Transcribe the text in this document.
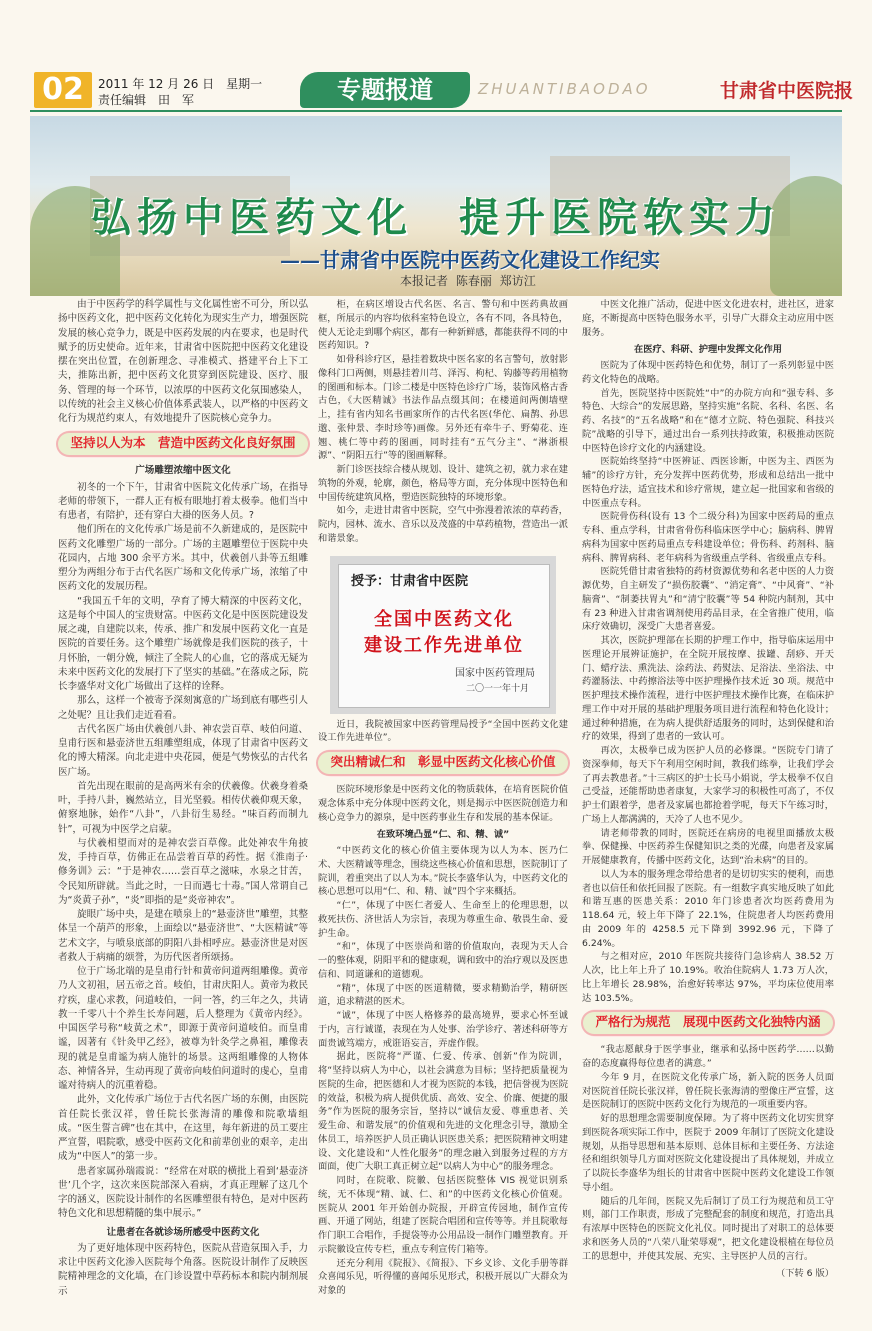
02	2011 年 12 月 26 日　星期一
责任编辑　田　军	专题报道	ZHUANTIBAODAO	甘肃省中医院报
弘扬中医药文化　提升医院软实力
——甘肃省中医院中医药文化建设工作纪实
本报记者 陈春丽 郑访江

由于中医药学的科学属性与文化属性密不可分，所以弘扬中医药文化，把中医药文化转化为现实生产力，增强医院发展的核心竞争力，既是中医药发展的内在要求，也是时代赋予的历史使命。近年来，甘肃省中医院把中医药文化建设摆在突出位置，在创新理念、寻准模式、搭建平台上下工夫，推陈出新，把中医药文化贯穿到医院建设、医疗、服务、管理的每一个环节，以浓厚的中医药文化氛围感染人，以传统的社会主义核心价值体系武装人，以严格的中医药文化行为规范约束人，有效地提升了医院核心竞争力。

坚持以人为本　营造中医药文化良好氛围
广场雕塑浓缩中医文化

初冬的一个下午，甘肃省中医院文化传承广场，在指导老师的带领下，一群人正有板有眼地打着太极拳。他们当中有患者，有陪护，还有穿白大褂的医务人员。?

他们所在的文化传承广场是前不久新建成的，是医院中医药文化雕塑广场的一部分。广场的主题雕塑位于医院中央花园内，占地 300 余平方米。其中，伏羲创八卦等五组雕塑分为两组分布于古代名医广场和文化传承广场，浓缩了中医药文化的发展历程。

“我国五千年的文明，孕育了博大精深的中医药文化，这是每个中国人的宝贵财富。中医药文化是中医医院建设发展之魂，自建院以来，传承、推广和发展中医药文化一直是医院的首要任务。这个雕塑广场就像是我们医院的孩子，十月怀胎，一朝分娩，倾注了全院人的心血，它的落成无疑为未来中医药文化的发展打下了坚实的基础。”在落成之际，院长李盛华对文化广场做出了这样的诠释。

那么，这样一个被寄予深刻寓意的广场到底有哪些引人之处呢？且让我们走近看看。

古代名医广场由伏羲创八卦、神农尝百草、岐伯问道、皇甫行医和悬壶济世五组雕塑组成，体现了甘肃省中医药文化的博大精深。向北走进中央花园，便是气势恢弘的古代名医广场。

首先出现在眼前的是高两米有余的伏羲像。伏羲身着桑叶，手持八卦，巍然站立，目光坚毅。相传伏羲仰观天象，俯察地脉，始作“八卦”，八卦衍生易经。“味百药而制九针”，可视为中医学之启蒙。

与伏羲相望而对的是神农尝百草像。此处神农牛角披发，手持百草，仿佛正在品尝着百草的药性。据《淮南子·修务训》云：“于是神农……尝百草之滋味，水泉之甘苦，令民知所辟就。当此之时，一日而遇七十毒。”国人常谓自己为“炎黄子孙”，“炎”即指的是“炎帝神农”。

旋眼广场中央，是建在喷泉上的“悬壶济世”雕塑，其整体呈一个葫芦的形象，上面绘以“悬壶济世”、“大医精诚”等艺术文字，与喷泉底部的阴阳八卦相呼应。悬壶济世是对医者救人于病痛的颂誉，为历代医者所颂扬。

位于广场北端的是皇甫行针和黄帝问道两组雕像。黄帝乃人文初祖，居五帝之首。岐伯，甘肃庆阳人。黄帝为救民疗疾，虚心求教，问道岐伯，一问一答，约三年之久，共请教一千零八十个养生长寿问题，后人整理为《黄帝内经》。中国医学号称“岐黄之术”，即源于黄帝问道岐伯。而皇甫谧，因著有《针灸甲乙经》，被尊为针灸学之鼻祖，雕像表现的就是皇甫谧为病人施针的场景。这两组雕像的人物体态、神情各异，生动再现了黄帝向岐伯问道时的虔心，皇甫谧对待病人的沉重着稳。

此外，文化传承广场位于古代名医广场的东侧，由医院首任院长张汉祥，曾任院长张海清的雕像和院歌墙组成。“医生誓言碑”也在其中，在这里，每年新进的员工要庄严宣誓，唱院歌，感受中医药文化和前辈创业的艰辛，走出成为“中医人”的第一步。

患者家属孙瑞霞说：“经常在对联的横批上看到‘悬壶济世’几个字，这次来医院部深入看病，才真正理解了这几个字的涵义，医院设计制作的名医雕塑很有特色，是对中医药特色文化和思想精髓的集中展示。”

让患者在各就诊场所感受中医药文化

为了更好地体现中医药特色，医院从营造氛围入手，力求让中医药文化渗入医院每个角落。医院设计制作了反映医院精神理念的文化墙，在门诊设置中草药标本和院内制剂展示

柜，在病区增设古代名医、名言、警句和中医药典故画框，所展示的内容均依科室特色设立，各有不同，各具特色，使人无论走到哪个病区，都有一种新鲜感，都能获得不同的中医药知识。?

如骨科诊疗区，悬挂着数块中医名家的名言警句，放射影像科门口两侧，则悬挂着川芎、泽泻、枸杞、钩藤等药用植物的图画和标本。门诊二楼是中医特色诊疗广场，装饰风格古香古色，《大医精诚》书法作品点缀其间；在楼道间两侧墙壁上，挂有省内知名书画家所作的古代名医(华佗、扁鹊、孙思邈、张仲景、李时珍等)画像。另外还有牵牛子、野菊花、连翘、桃仁等中药的图画，同时挂有“五气分主”、“淋浙根源”、“阴阳五行”等的图画解释。

新门诊医技综合楼从规划、设计、建筑之初，就力求在建筑物的外观，轮廓，颜色，格局等方面，充分体现中医特色和中国传统建筑风格，塑造医院独特的环境形象。

如今，走进甘肃省中医院，空气中弥漫着浓浓的草药香，院内，园林、流水、音乐以及茂盛的中草药植物，营造出一派和谐景象。

授予：甘肃省中医院
全国中医药文化
建设工作先进单位
国家中医药管理局
二〇一一年十月
近日，我院被国家中医药管理局授予“全国中医药文化建设工作先进单位”。
突出精诚仁和　彰显中医药文化核心价值

医院环境形象是中医药文化的物质载体，在培育医院价值观念体系中充分体现中医药文化，则是揭示中医医院创造力和核心竞争力的源泉，是中医药事业生存和发展的基本保证。

在致环境凸显“仁、和、精、诚”

“中医药文化的核心价值主要体现为以人为本、医乃仁术、大医精诚等理念，围绕这些核心价值和思想，医院制订了院训，着重突出了以人为本。”院长李盛华认为，中医药文化的核心思想可以用“仁、和、精、诚”四个字来概括。

“仁”，体现了中医仁者爱人、生命至上的伦理思想，以救死扶伤、济世活人为宗旨，表现为尊重生命、敬畏生命、爱护生命。

“和”，体现了中医崇尚和谐的价值取向，表现为天人合一的整体观，阴阳平和的健康观，调和致中的治疗观以及医患信和、同道谦和的道德观。

“精”，体现了中医的医道精微，要求精勤治学，精研医道，追求精湛的医术。

“诚”，体现了中医人格修养的最高境界，要求心怀至诚于内，言行诚谨，表现在为人处事、治学诊疗、著述科研等方面贵诚笃端方，戒诳语妄言，弄虚作假。

据此，医院将“严谨、仁爱、传承、创新”作为院训，将“坚持以病人为中心，以社会满意为目标；坚持把质量视为医院的生命，把医德和人才视为医院的本钱，把信誉视为医院的效益，积极为病人提供优质、高效、安全、价廉、便捷的服务”作为医院的服务宗旨，坚持以“诚信友爱、尊重患者、关爱生命、和谐发展”的价值观和先进的文化理念引导，激励全体员工，培养医护人员正确认识医患关系；把医院精神文明建设、文化建设和“人性化服务”的理念融入到服务过程的方方面面，使广大职工真正树立起“以病人为中心”的服务理念。

同时，在院歌、院徽、包括医院整体 VIS 视觉识别系统，无不体现“精、诚、仁、和”的中医药文化核心价值观。医院从 2001 年开始创办院报，开辟宣传园地，制作宣传画、开通了网站，组建了医院合唱团和宣传等等。并且院歌每作门职工合唱作，手提袋等办公用品设一制作门雕塑教育。开示院徽设宣传专栏，重点专利宣传门箱等。

还充分利用《院报》、《简报》、下乡义诊、文化手册等群众喜闻乐见，听得懂的喜闻乐见形式，积极开展以广大群众为对象的

中医文化推广活动，促进中医文化进农村，进社区，进家庭，不断提高中医特色服务水平，引导广大群众主动应用中医服务。

在医疗、科研、护理中发挥文化作用

医院为了体现中医药特色和优势，制订了一系列彰显中医药文化特色的战略。

首先，医院坚持中医院姓“中”的办院方向和“强专科、多特色、大综合”的发展思路，坚持实施“名院、名科、名医、名药、名技”的“五名战略”和在“德才立院、特色强院、科技兴院”战略的引导下，通过出台一系列扶持政策，积极推动医院中医特色诊疗文化的内涵建设。

医院始终坚持“中医辨证、西医诊断，中医为主、西医为辅”的诊疗方针，充分发挥中医药优势，形成和总结出一批中医特色疗法，适宜技术和诊疗常规，建立起一批国家和省级的中医重点专科。

医院骨伤科(设有 13 个二级分科)为国家中医药局的重点专科、重点学科，甘肃省骨伤科临床医学中心；脑病科、脾胃病科为国家中医药局重点专科建设单位；骨伤科、药剂科、脑病科、脾胃病科、老年病科为省级重点学科、省级重点专科。

医院凭借甘肃省独特的药材资源优势和名老中医的人力资源优势，自主研发了“损伤胶囊”、“消定膏”、“中风膏”、“补脑膏”、“制萎扶胃丸”和“清宁胶囊”等 54 种院内制剂，其中有 23 种进入甘肃省调剂使用药品目录，在全省推广使用，临床疗效确切，深受广大患者喜爱。

其次，医院护理部在长期的护理工作中，指导临床运用中医理论开展辨证施护，在全院开展按摩、拔罐、刮痧、开天门、蜡疗法、熏洗法、涂药法、药熨法、足浴法、坐浴法、中药灌肠法、中药擦浴法等中医护理操作技术近 30 项。规范中医护理技术操作流程，进行中医护理技术操作比赛，在临床护理工作中对开展的基础护理服务项目进行流程和特色化设计；通过种种措施，在为病人提供舒适服务的同时，达到保健和治疗的效果，得到了患者的一致认可。

再次，太极拳已成为医护人员的必修课。“医院专门请了资深拳师，每天下午利用空闲时间，教我们练拳，让我们学会了再去教患者。”十三病区的护士长马小娟说，学太极拳不仅自己受益，还能帮助患者康复，大家学习的积极性可高了，不仅护士们跟着学，患者及家属也都抢着学呢，每天下午练习时，广场上人都满满的，天冷了人也不见少。

请老师带教的同时，医院还在病房的电视里面播放太极拳、保健操、中医药养生保健知识之类的光碟，向患者及家属开展健康教育，传播中医药文化，达到“治未病”的目的。

以人为本的服务理念带给患者的是切切实实的便利，而患者也以信任和依托回报了医院。有一组数字真实地反映了如此和谐互惠的医患关系：2010 年门诊患者次均医药费用为 118.64 元，较上年下降了 22.1%，住院患者人均医药费用由 2009 年的 4258.5 元下降到 3992.96 元，下降了 6.24%。

与之相对应，2010 年医院共接待门急诊病人 38.52 万人次，比上年上升了 10.19%。收治住院病人 1.73 万人次，比上年增长 28.98%，治愈好转率达 97%，平均床位使用率达 103.5%。

严格行为规范　展现中医药文化独特内涵

“我志愿献身于医学事业，继承和弘扬中医药学……以勤奋的态度赢得每位患者的满意。”

今年 9 月，在医院文化传承广场，新入院的医务人员面对医院首任院长张汉祥，曾任院长张海清的塑像庄严宣誓，这是医院制订的医院中医药文化行为规范的一项重要内容。

好的思想理念需要制度保障。为了将中医药文化切实贯穿到医院各项实际工作中，医院于 2009 年制订了医院文化建设规划，从指导思想和基本原则、总体目标和主要任务、方法途径和组织领导几方面对医院文化建设提出了具体规划，并成立了以院长李盛华为组长的甘肃省中医院中医药文化建设工作领导小组。

随后的几年间，医院又先后制订了员工行为规范和员工守则，部门工作职责，形成了完整配套的制度和规范，打造出具有浓厚中医特色的医院文化礼仪。同时提出了对职工的总体要求和医务人员的“八荣八耻荣辱观”，把文化建设根植在每位员工的思想中，并使其发展、充实、主导医护人员的言行。

（下转 6 版）
